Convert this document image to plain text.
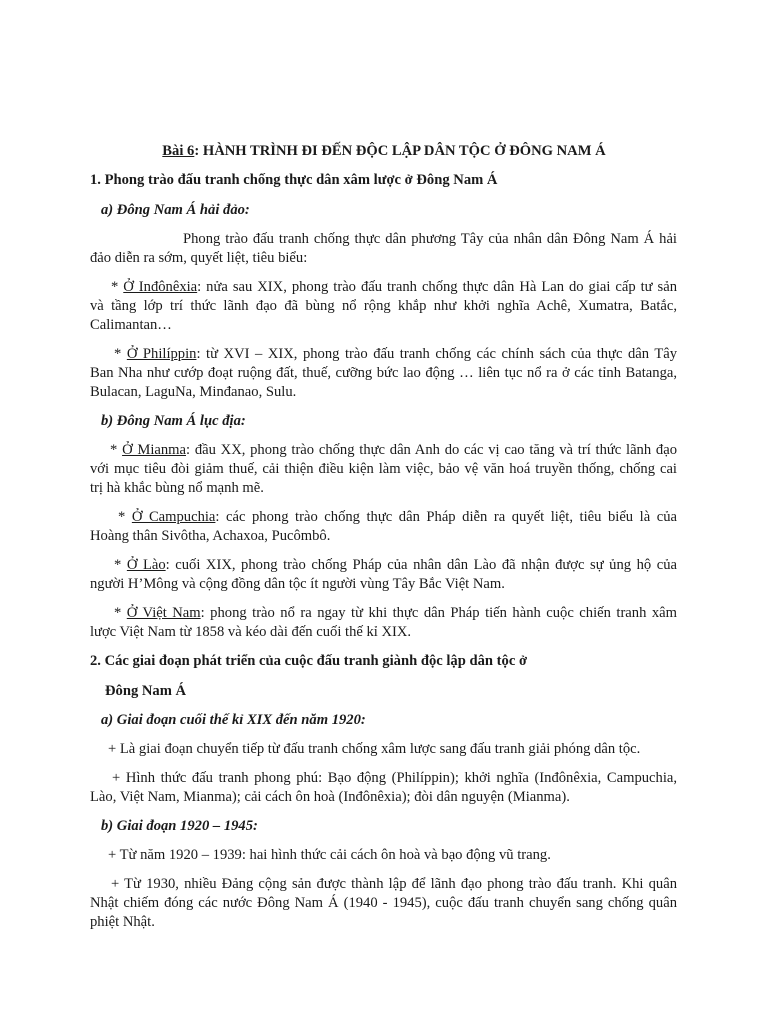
Bài 6: HÀNH TRÌNH ĐI ĐẾN ĐỘC LẬP DÂN TỘC Ở ĐÔNG NAM Á
1. Phong trào đấu tranh chống thực dân xâm lược ở Đông Nam Á
a) Đông Nam Á hải đảo:
Phong trào đấu tranh chống thực dân phương Tây của nhân dân Đông Nam Á hải
đảo diễn ra sớm, quyết liệt, tiêu biểu:
* Ở Inđônêxia: nửa sau XIX, phong trào đấu tranh chống thực dân Hà Lan do giai cấp tư sản
và tầng lớp trí thức lãnh đạo đã bùng nổ rộng khắp như khởi nghĩa Achê, Xumatra, Batắc,
Calimantan…
* Ở Philíppin: từ XVI – XIX, phong trào đấu tranh chống các chính sách của thực dân Tây
Ban Nha như cướp đoạt ruộng đất, thuế, cưỡng bức lao động … liên tục nổ ra ở các tỉnh Batanga,
Bulacan, LaguNa, Minđanao, Sulu.
b) Đông Nam Á lục địa:
* Ở Mianma: đầu XX, phong trào chống thực dân Anh do các vị cao tăng và trí thức lãnh đạo
với mục tiêu đòi giảm thuế, cải thiện điều kiện làm việc, bảo vệ văn hoá truyền thống, chống cai
trị hà khắc bùng nổ mạnh mẽ.
* Ở Campuchia: các phong trào chống thực dân Pháp diễn ra quyết liệt, tiêu biểu là của
Hoàng thân Sivôtha, Achaxoa, Pucômbô.
* Ở Lào: cuối XIX, phong trào chống Pháp của nhân dân Lào đã nhận được sự ủng hộ của
người H’Mông và cộng đồng dân tộc ít người vùng Tây Bắc Việt Nam.
* Ở Việt Nam: phong trào nổ ra ngay từ khi thực dân Pháp tiến hành cuộc chiến tranh xâm
lược Việt Nam từ 1858 và kéo dài đến cuối thế kỉ XIX.
2. Các giai đoạn phát triển của cuộc đấu tranh giành độc lập dân tộc ở
Đông Nam Á
a) Giai đoạn cuối thế kỉ XIX đến năm 1920:
+ Là giai đoạn chuyển tiếp từ đấu tranh chống xâm lược sang đấu tranh giải phóng dân tộc.
+ Hình thức đấu tranh phong phú: Bạo động (Philíppin); khởi nghĩa (Inđônêxia, Campuchia,
Lào, Việt Nam, Mianma); cải cách ôn hoà (Inđônêxia); đòi dân nguyện (Mianma).
b) Giai đoạn 1920 – 1945:
+ Từ năm 1920 – 1939: hai hình thức cải cách ôn hoà và bạo động vũ trang.
+ Từ 1930, nhiều Đảng cộng sản được thành lập để lãnh đạo phong trào đấu tranh. Khi quân
Nhật chiếm đóng các nước Đông Nam Á (1940 - 1945), cuộc đấu tranh chuyển sang chống quân
phiệt Nhật.
